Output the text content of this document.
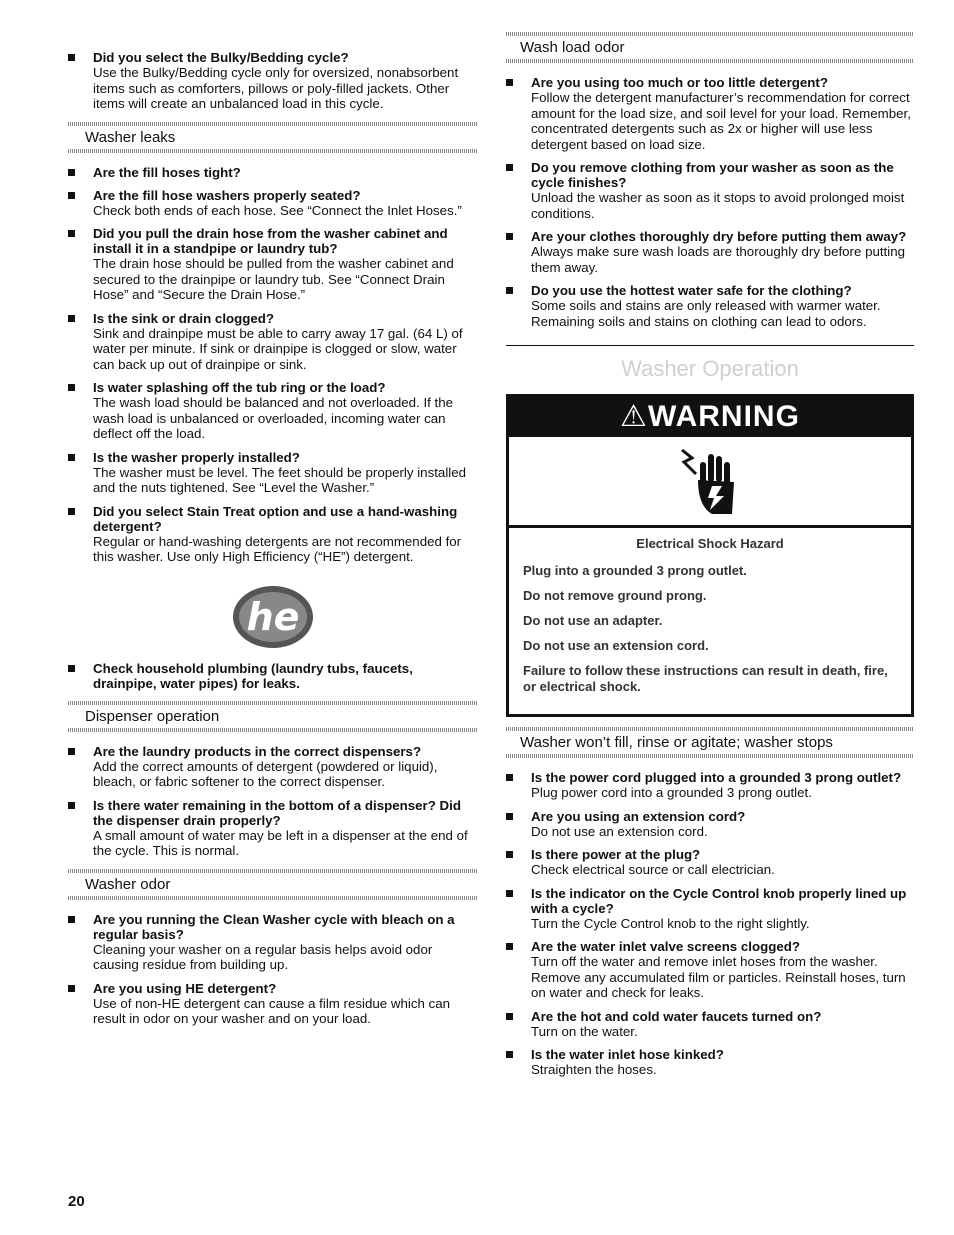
Did you select the Bulky/Bedding cycle?
Use the Bulky/Bedding cycle only for oversized, nonabsorbent items such as comforters, pillows or poly-filled jackets. Other items will create an unbalanced load in this cycle.
Washer leaks
Are the fill hoses tight?
Are the fill hose washers properly seated?
Check both ends of each hose. See “Connect the Inlet Hoses.”
Did you pull the drain hose from the washer cabinet and install it in a standpipe or laundry tub?
The drain hose should be pulled from the washer cabinet and secured to the drainpipe or laundry tub. See “Connect Drain Hose” and “Secure the Drain Hose.”
Is the sink or drain clogged?
Sink and drainpipe must be able to carry away 17 gal. (64 L) of water per minute. If sink or drainpipe is clogged or slow, water can back up out of drainpipe or sink.
Is water splashing off the tub ring or the load?
The wash load should be balanced and not overloaded. If the wash load is unbalanced or overloaded, incoming water can deflect off the load.
Is the washer properly installed?
The washer must be level. The feet should be properly installed and the nuts tightened. See “Level the Washer.”
Did you select Stain Treat option and use a hand-washing detergent?
Regular or hand-washing detergents are not recommended for this washer. Use only High Efficiency (“HE”) detergent.
he
Check household plumbing (laundry tubs, faucets, drainpipe, water pipes) for leaks.
Dispenser operation
Are the laundry products in the correct dispensers?
Add the correct amounts of detergent (powdered or liquid), bleach, or fabric softener to the correct dispenser.
Is there water remaining in the bottom of a dispenser? Did the dispenser drain properly?
A small amount of water may be left in a dispenser at the end of the cycle. This is normal.
Washer odor
Are you running the Clean Washer cycle with bleach on a regular basis?
Cleaning your washer on a regular basis helps avoid odor causing residue from building up.
Are you using HE detergent?
Use of non-HE detergent can cause a film residue which can result in odor on your washer and on your load.
Wash load odor
Are you using too much or too little detergent?
Follow the detergent manufacturer’s recommendation for correct amount for the load size, and soil level for your load. Remember, concentrated detergents such as 2x or higher will use less detergent based on load size.
Do you remove clothing from your washer as soon as the cycle finishes?
Unload the washer as soon as it stops to avoid prolonged moist conditions.
Are your clothes thoroughly dry before putting them away?
Always make sure wash loads are thoroughly dry before putting them away.
Do you use the hottest water safe for the clothing?
Some soils and stains are only released with warmer water. Remaining soils and stains on clothing can lead to odors.
Washer Operation
⚠WARNING
Electrical Shock Hazard
Plug into a grounded 3 prong outlet.
Do not remove ground prong.
Do not use an adapter.
Do not use an extension cord.
Failure to follow these instructions can result in death, fire, or electrical shock.
Washer won’t fill, rinse or agitate; washer stops
Is the power cord plugged into a grounded 3 prong outlet?
Plug power cord into a grounded 3 prong outlet.
Are you using an extension cord?
Do not use an extension cord.
Is there power at the plug?
Check electrical source or call electrician.
Is the indicator on the Cycle Control knob properly lined up with a cycle?
Turn the Cycle Control knob to the right slightly.
Are the water inlet valve screens clogged?
Turn off the water and remove inlet hoses from the washer. Remove any accumulated film or particles. Reinstall hoses, turn on water and check for leaks.
Are the hot and cold water faucets turned on?
Turn on the water.
Is the water inlet hose kinked?
Straighten the hoses.
20
